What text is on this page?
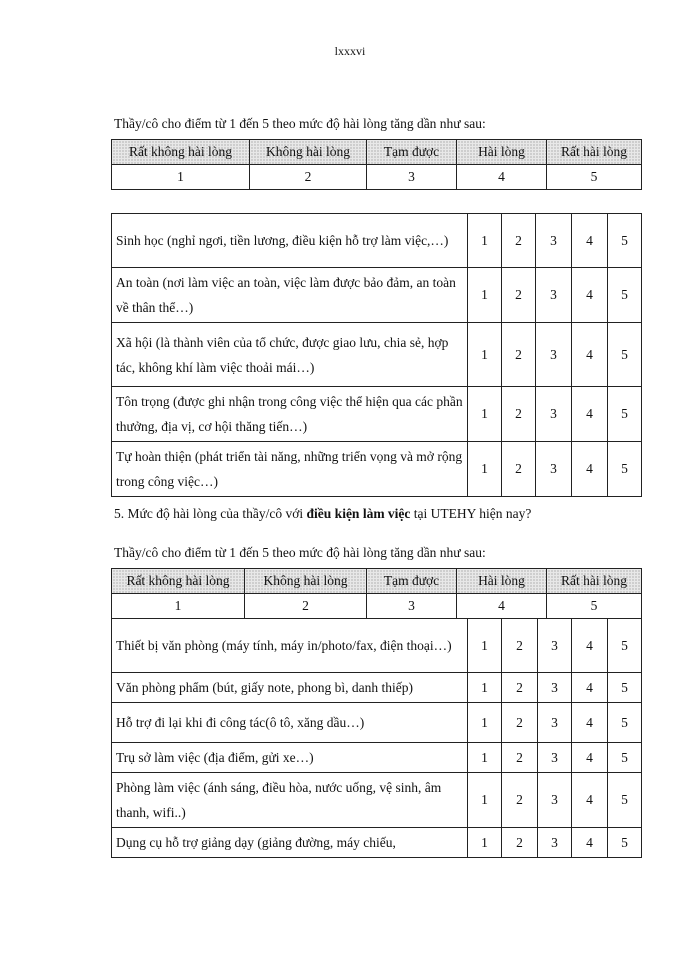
lxxxvi
Thầy/cô cho điểm từ 1 đến 5 theo mức độ hài lòng tăng dần như sau:
Rất không hài lòng	Không hài lòng	Tạm được	Hài lòng	Rất hài lòng
1	2	3	4	5
Sinh học (nghỉ ngơi, tiền lương, điều kiện hỗ trợ làm việc,…)	1	2	3	4	5
An toàn (nơi làm việc an toàn, việc làm được bảo đảm, an toàn về thân thể…)	1	2	3	4	5
Xã hội (là thành viên của tổ chức, được giao lưu, chia sẻ, hợp tác, không khí làm việc thoải mái…)	1	2	3	4	5
Tôn trọng (được ghi nhận trong công việc thể hiện qua các phần thưởng, địa vị, cơ hội thăng tiến…)	1	2	3	4	5
Tự hoàn thiện (phát triển tài năng, những triển vọng và mở rộng trong công việc…)	1	2	3	4	5
5. Mức độ hài lòng của thầy/cô với điều kiện làm việc tại UTEHY hiện nay?
Thầy/cô cho điểm từ 1 đến 5 theo mức độ hài lòng tăng dần như sau:
Rất không hài lòng	Không hài lòng	Tạm được	Hài lòng	Rất hài lòng
1	2	3	4	5
Thiết bị văn phòng (máy tính, máy in/photo/fax, điện thoại…)	1	2	3	4	5
Văn phòng phẩm (bút, giấy note, phong bì, danh thiếp)	1	2	3	4	5
Hỗ trợ đi lại khi đi công tác(ô tô, xăng dầu…)	1	2	3	4	5
Trụ sở làm việc (địa điểm, gửi xe…)	1	2	3	4	5
Phòng làm việc (ánh sáng, điều hòa, nước uống, vệ sinh, âm thanh, wifi..)	1	2	3	4	5
Dụng cụ hỗ trợ giảng dạy (giảng đường, máy chiếu,	1	2	3	4	5
